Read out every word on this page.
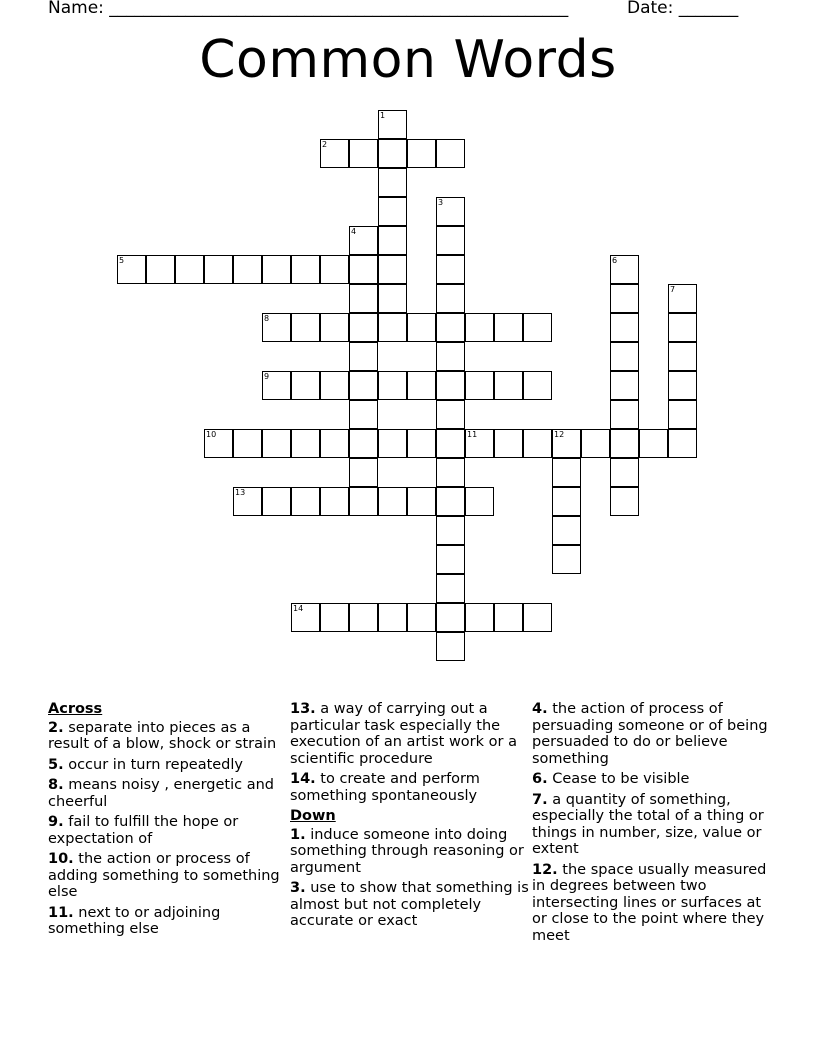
Name: ______________________________________________________	Date: _______
Common Words
1
2
3
4
5	6
7
8
9
10	11	12
13
14
Across
2. separate into pieces as a result of a blow, shock or strain
5. occur in turn repeatedly
8. means noisy , energetic and cheerful
9. fail to fulfill the hope or expectation of
10. the action or process of adding something to something else
11. next to or adjoining something else
13. a way of carrying out a particular task especially the execution of an artist work or a scientific procedure
14. to create and perform something spontaneously
Down
1. induce someone into doing something through reasoning or argument
3. use to show that something is almost but not completely accurate or exact
4. the action of process of persuading someone or of being persuaded to do or believe something
6. Cease to be visible
7. a quantity of something, especially the total of a thing or things in number, size, value or extent
12. the space usually measured in degrees between two intersecting lines or surfaces at or close to the point where they meet
